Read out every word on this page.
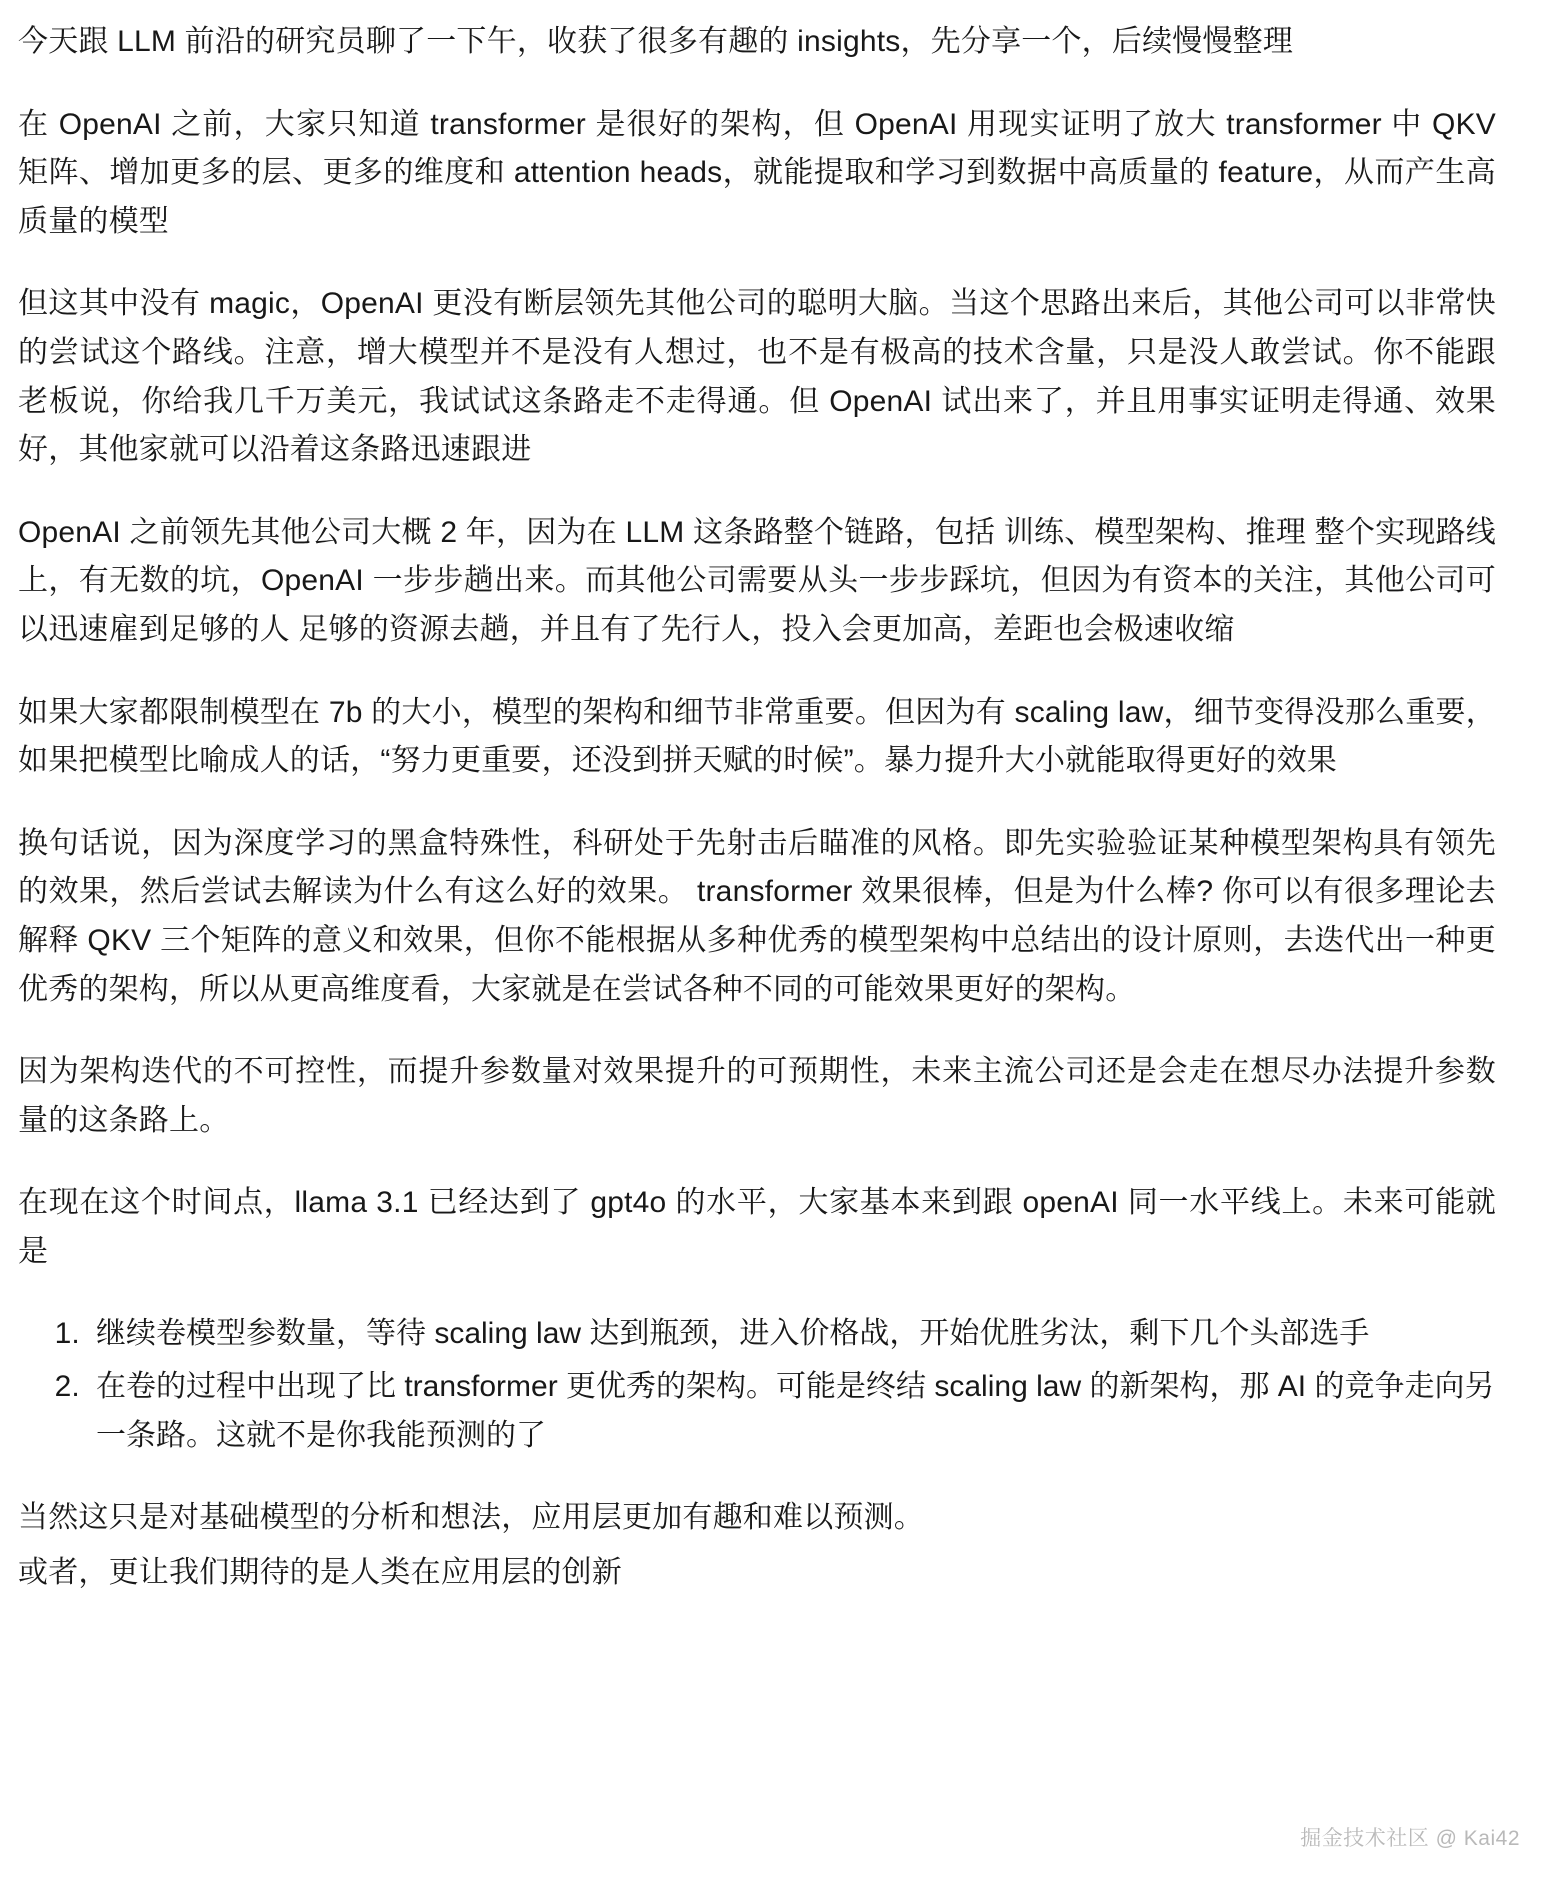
今天跟 LLM 前沿的研究员聊了一下午，收获了很多有趣的 insights，先分享一个，后续慢慢整理

在 OpenAI 之前，大家只知道 transformer 是很好的架构，但 OpenAI 用现实证明了放大 transformer 中 QKV 矩阵、增加更多的层、更多的维度和 attention heads，就能提取和学习到数据中高质量的 feature，从而产生高质量的模型

但这其中没有 magic，OpenAI 更没有断层领先其他公司的聪明大脑。当这个思路出来后，其他公司可以非常快的尝试这个路线。注意，增大模型并不是没有人想过，也不是有极高的技术含量，只是没人敢尝试。你不能跟老板说，你给我几千万美元，我试试这条路走不走得通。但 OpenAI 试出来了，并且用事实证明走得通、效果好，其他家就可以沿着这条路迅速跟进

OpenAI 之前领先其他公司大概 2 年，因为在 LLM 这条路整个链路，包括 训练、模型架构、推理 整个实现路线上，有无数的坑，OpenAI 一步步趟出来。而其他公司需要从头一步步踩坑，但因为有资本的关注，其他公司可以迅速雇到足够的人 足够的资源去趟，并且有了先行人，投入会更加高，差距也会极速收缩

如果大家都限制模型在 7b 的大小，模型的架构和细节非常重要。但因为有 scaling law，细节变得没那么重要，如果把模型比喻成人的话，“努力更重要，还没到拼天赋的时候”。暴力提升大小就能取得更好的效果

换句话说，因为深度学习的黑盒特殊性，科研处于先射击后瞄准的风格。即先实验验证某种模型架构具有领先的效果，然后尝试去解读为什么有这么好的效果。 transformer 效果很棒，但是为什么棒? 你可以有很多理论去解释 QKV 三个矩阵的意义和效果，但你不能根据从多种优秀的模型架构中总结出的设计原则，去迭代出一种更优秀的架构，所以从更高维度看，大家就是在尝试各种不同的可能效果更好的架构。

因为架构迭代的不可控性，而提升参数量对效果提升的可预期性，未来主流公司还是会走在想尽办法提升参数量的这条路上。

在现在这个时间点，llama 3.1 已经达到了 gpt4o 的水平，大家基本来到跟 openAI 同一水平线上。未来可能就是

1. 继续卷模型参数量，等待 scaling law 达到瓶颈，进入价格战，开始优胜劣汰，剩下几个头部选手
2. 在卷的过程中出现了比 transformer 更优秀的架构。可能是终结 scaling law 的新架构，那 AI 的竞争走向另一条路。这就不是你我能预测的了

当然这只是对基础模型的分析和想法，应用层更加有趣和难以预测。

或者，更让我们期待的是人类在应用层的创新

掘金技术社区 @ Kai42
